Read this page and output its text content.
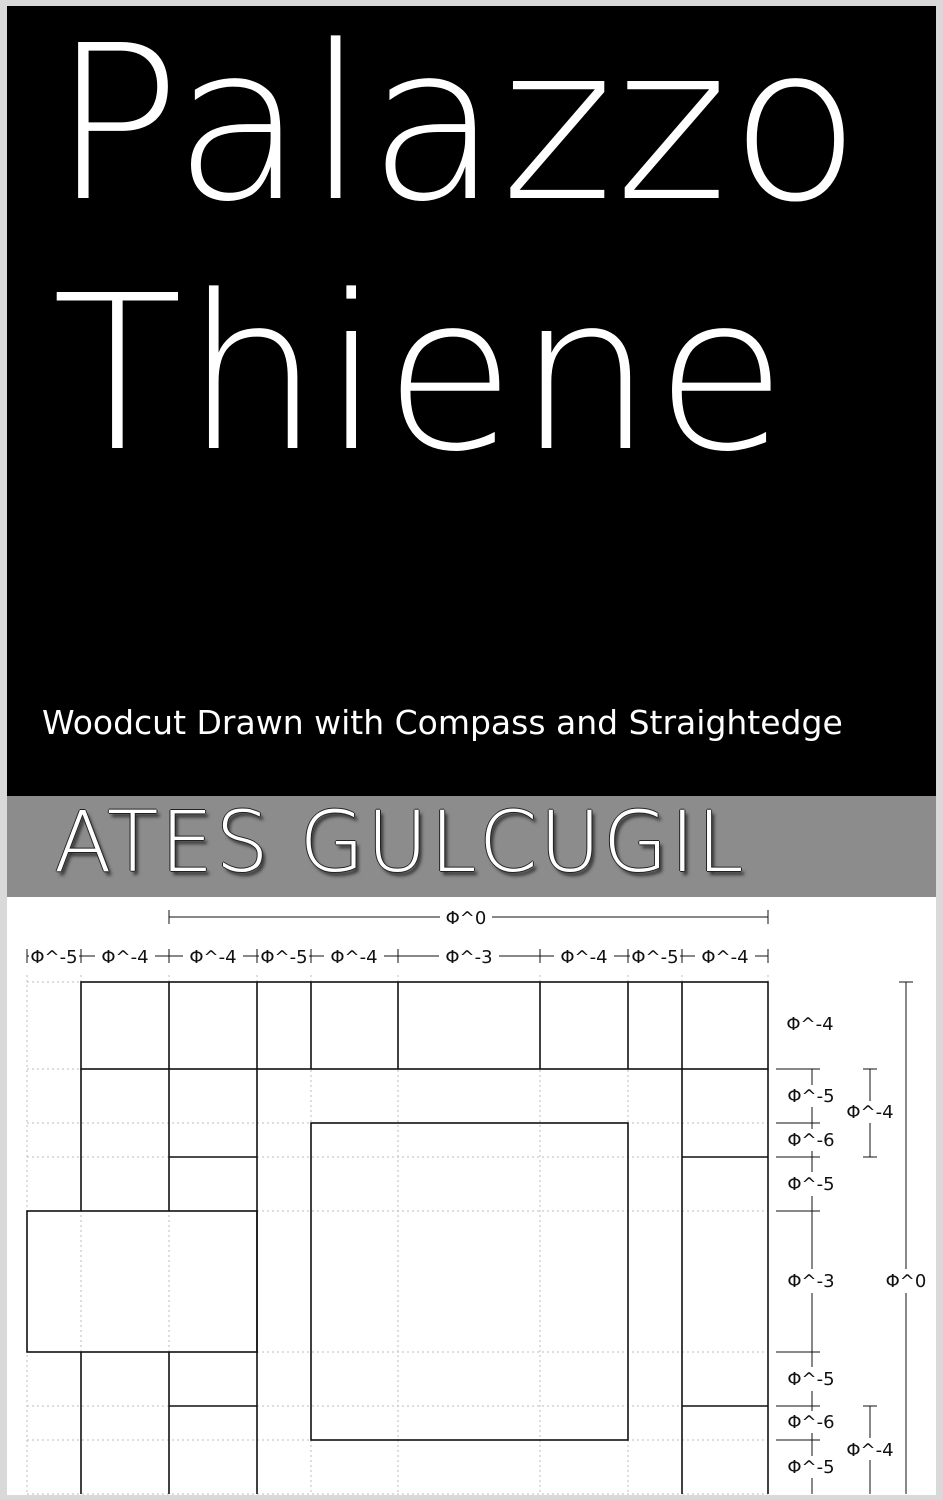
Palazzo

Thiene

Woodcut Drawn with Compass and Straightedge

ATES GULCUGIL

Φ^0
Φ^-5 Φ^-4 Φ^-4 Φ^-5 Φ^-4	Φ^-3	Φ^-4 Φ^-5 Φ^-4
Φ^-4
Φ^-5
Φ^-4
Φ^-6
Φ^-5
Φ^-3	Φ^0
Φ^-5
Φ^-6
Φ^-4
Φ^-5
